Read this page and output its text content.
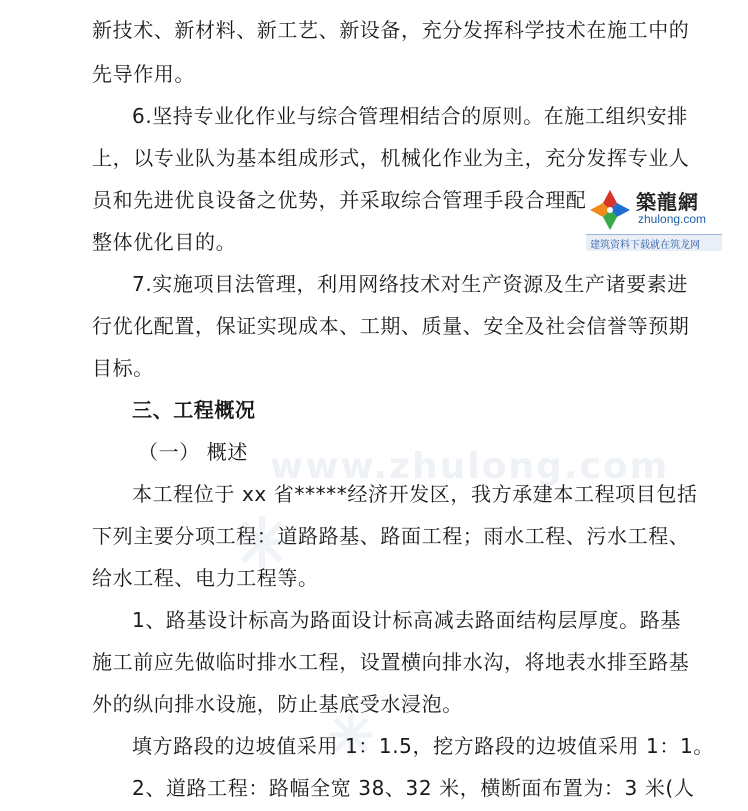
www.zhulong.com
新技术、新材料、新工艺、新设备，充分发挥科学技术在施工中的
先导作用。
6.坚持专业化作业与综合管理相结合的原则。在施工组织安排
上，以专业队为基本组成形式，机械化作业为主，充分发挥专业人
员和先进优良设备之优势，并采取综合管理手段合理配
整体优化目的。
7.实施项目法管理，利用网络技术对生产资源及生产诸要素进
行优化配置，保证实现成本、工期、质量、安全及社会信誉等预期
目标。
三、工程概况
（一） 概述
本工程位于 xx 省*****经济开发区，我方承建本工程项目包括
下列主要分项工程：道路路基、路面工程；雨水工程、污水工程、
给水工程、电力工程等。
1、路基设计标高为路面设计标高减去路面结构层厚度。路基
施工前应先做临时排水工程，设置横向排水沟，将地表水排至路基
外的纵向排水设施，防止基底受水浸泡。
填方路段的边坡值采用 1：1.5，挖方路段的边坡值采用 1：1。
2、道路工程：路幅全宽 38、32 米，横断面布置为：3 米(人
築龍網
zhulong.com
建筑资料下载就在筑龙网
